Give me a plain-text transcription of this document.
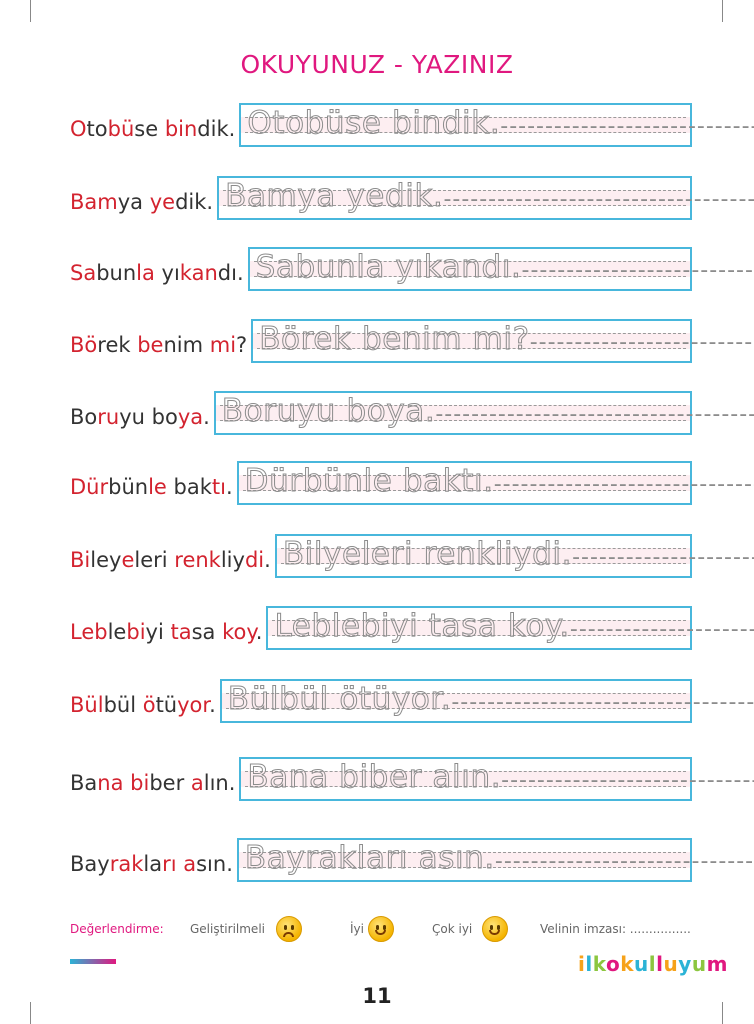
OKUYUNUZ - YAZINIZ
Otobüse bindik. Otobüse bindik. -----
Bamya yedik. Bamya yedik. -----
Sabunla yıkandı. Sabunla yıkandı. -----
Börek benim mi? Börek benim mi? -----
Boruyu boya. Boruyu boya. -----
Dürbünle baktı. Dürbünle baktı. -----
Bileyeleri renkliydi. Bilyeleri renkliydi. -----
Leblebiyi tasa koy. Leblebiyi tasa koy. -----
Bülbül ötüyor. Bülbül ötüyor. -----
Bana biber alın. Bana biber alın. -----
Bayrakları asın. Bayrakları asın. -----
Değerlendirme: Geliştirilmeli	İyi	Çok iyi	Velinin imzası: ................
ilkokulluyum
11
